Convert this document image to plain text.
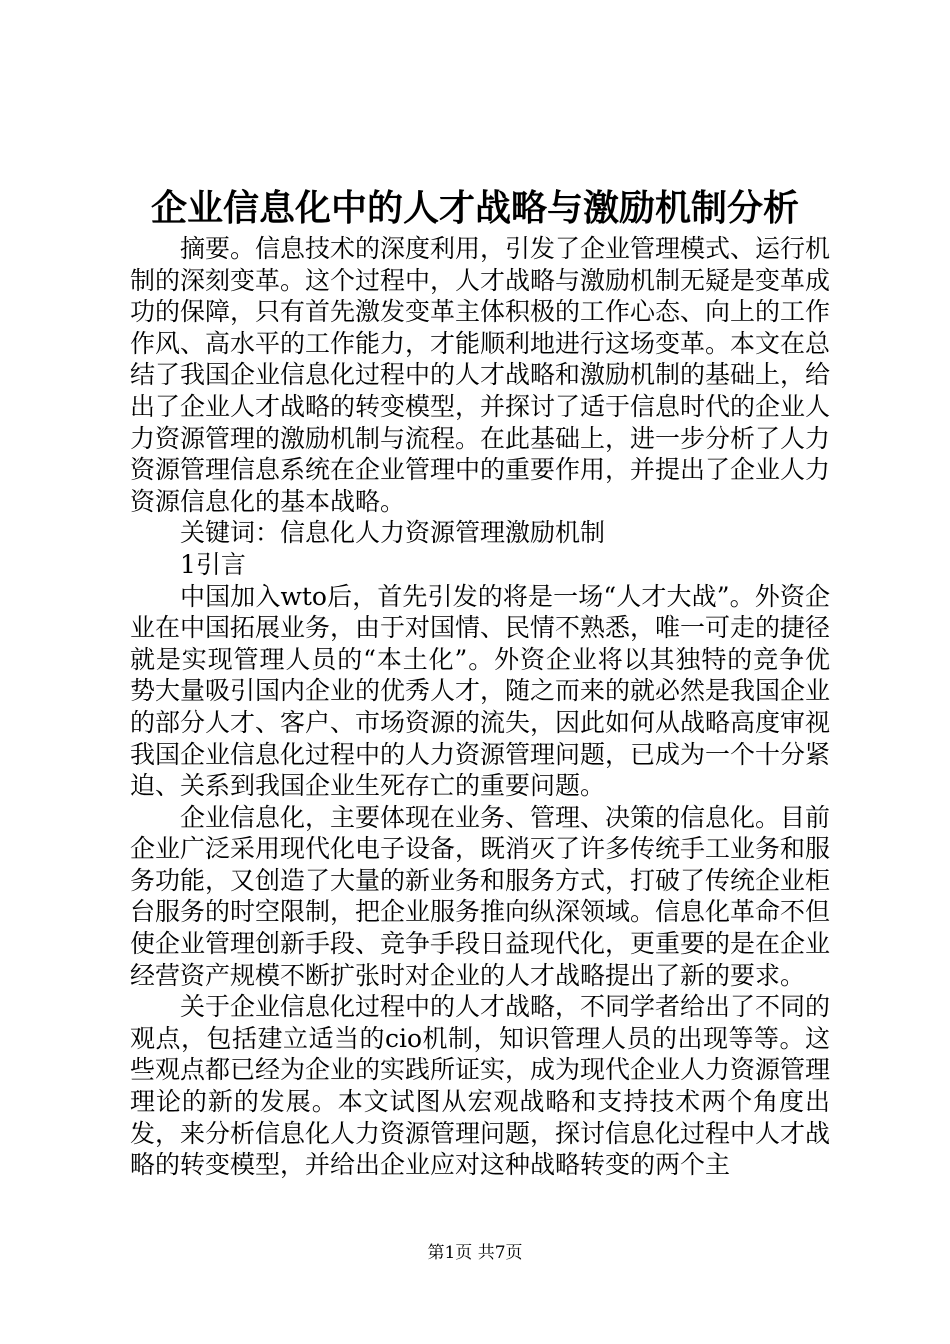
企业信息化中的人才战略与激励机制分析

摘要。信息技术的深度利用，引发了企业管理模式、运行机制的深刻变革。这个过程中，人才战略与激励机制无疑是变革成功的保障，只有首先激发变革主体积极的工作心态、向上的工作作风、高水平的工作能力，才能顺利地进行这场变革。本文在总结了我国企业信息化过程中的人才战略和激励机制的基础上，给出了企业人才战略的转变模型，并探讨了适于信息时代的企业人力资源管理的激励机制与流程。在此基础上，进一步分析了人力资源管理信息系统在企业管理中的重要作用，并提出了企业人力资源信息化的基本战略。

关键词：信息化人力资源管理激励机制

1引言

中国加入wto后，首先引发的将是一场“人才大战”。外资企业在中国拓展业务，由于对国情、民情不熟悉，唯一可走的捷径就是实现管理人员的“本土化”。外资企业将以其独特的竞争优势大量吸引国内企业的优秀人才，随之而来的就必然是我国企业的部分人才、客户、市场资源的流失，因此如何从战略高度审视我国企业信息化过程中的人力资源管理问题，已成为一个十分紧迫、关系到我国企业生死存亡的重要问题。

企业信息化，主要体现在业务、管理、决策的信息化。目前企业广泛采用现代化电子设备，既消灭了许多传统手工业务和服务功能，又创造了大量的新业务和服务方式，打破了传统企业柜台服务的时空限制，把企业服务推向纵深领域。信息化革命不但使企业管理创新手段、竞争手段日益现代化，更重要的是在企业经营资产规模不断扩张时对企业的人才战略提出了新的要求。

关于企业信息化过程中的人才战略，不同学者给出了不同的观点，包括建立适当的cio机制，知识管理人员的出现等等。这些观点都已经为企业的实践所证实，成为现代企业人力资源管理理论的新的发展。本文试图从宏观战略和支持技术两个角度出发，来分析信息化人力资源管理问题，探讨信息化过程中人才战略的转变模型，并给出企业应对这种战略转变的两个主

第1页 共7页
